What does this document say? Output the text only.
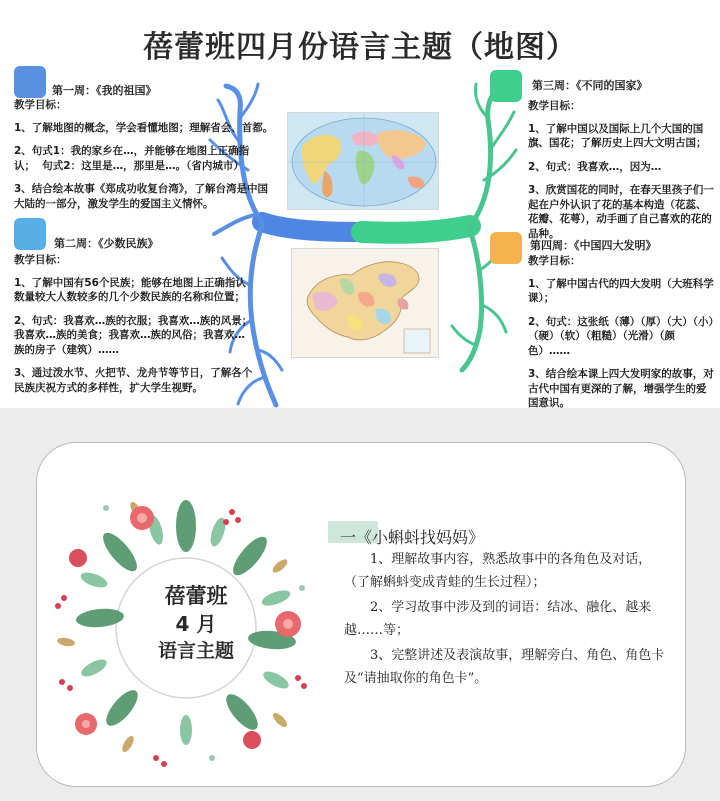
蓓蕾班四月份语言主题（地图）
第一周：《我的祖国》
第二周：《少数民族》
第三周：《不同的国家》
第四周：《中国四大发明》
教学目标：

1、了解地图的概念，学会看懂地图；理解省会、首都。

2、句式1：我的家乡在…，并能够在地图上正确指认；  句式2：这里是…，那里是…。（省内城市）

3、结合绘本故事《郑成功收复台湾》，了解台湾是中国大陆的一部分，激发学生的爱国主义情怀。

教学目标：

1、了解中国有56个民族；能够在地图上正确指认数量较大人数较多的几个少数民族的名称和位置；

2、句式：我喜欢…族的衣服；我喜欢…族的风景；我喜欢…族的美食；我喜欢…族的风俗；我喜欢…族的房子（建筑）……

3、通过泼水节、火把节、龙舟节等节日，了解各个民族庆祝方式的多样性，扩大学生视野。

教学目标：

1、了解中国以及国际上几个大国的国旗、国花；了解历史上四大文明古国；

2、句式：我喜欢…，因为…

3、欣赏国花的同时，在春天里孩子们一起在户外认识了花的基本构造（花蕊、花瓣、花萼），动手画了自己喜欢的花的品种。

教学目标：

1、了解中国古代的四大发明（大班科学课）；

2、句式：这张纸（薄）（厚）（大）（小）（硬）（软）（粗糙）（光滑）（颜色）……

3、结合绘本课上四大发明家的故事，对古代中国有更深的了解，增强学生的爱国意识。

蓓蕾班
4 月
语言主题
一《小蝌蚪找妈妈》

1、理解故事内容，熟悉故事中的各角色及对话，（了解蝌蚪变成青蛙的生长过程）；

2、学习故事中涉及到的词语：结冰、融化、越来越……等；

3、完整讲述及表演故事，理解旁白、角色、角色卡及“请抽取你的角色卡”。
